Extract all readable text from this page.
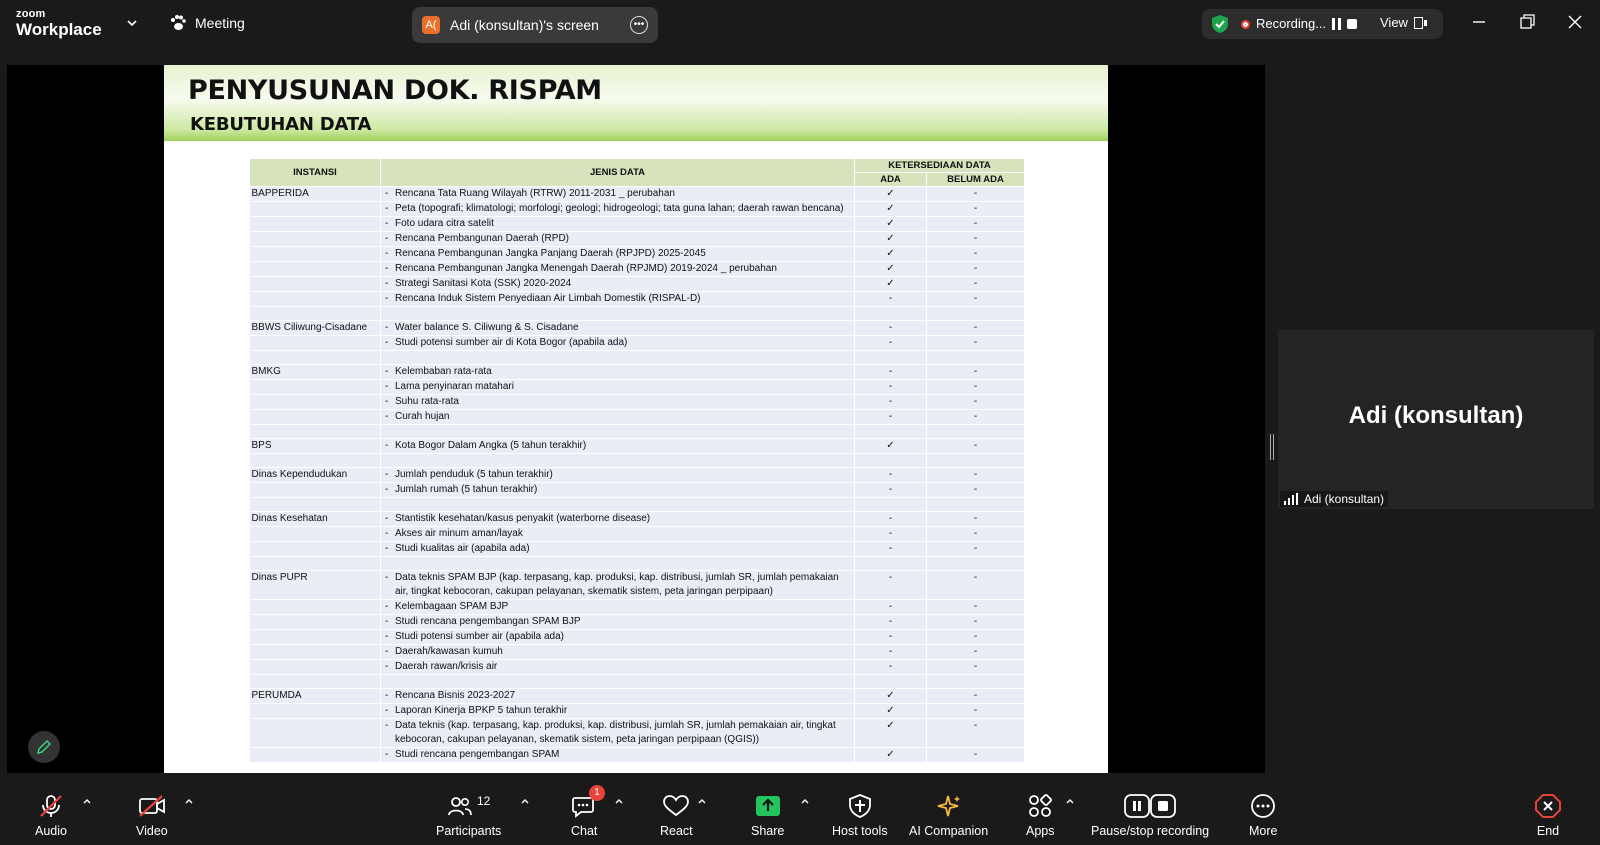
zoom
Workplace	Meeting	A( Adi (konsultan)'s screen	•••	Recording...	View
PENYUSUNAN DOK. RISPAM
KEBUTUHAN DATA
INSTANSI	JENIS DATA	KETERSEDIAAN DATA	
		ADA	BELUM ADA
BAPPERIDA	- Rencana Tata Ruang Wilayah (RTRW) 2011-2031 _ perubahan	✓	-
	- Peta (topografi; klimatologi; morfologi; geologi; hidrogeologi; tata guna lahan; daerah rawan bencana)	✓	-
	- Foto udara citra satelit	✓	-
	- Rencana Pembangunan Daerah (RPD)	✓	-
	- Rencana Pembangunan Jangka Panjang Daerah (RPJPD) 2025-2045	✓	-
	- Rencana Pembangunan Jangka Menengah Daerah (RPJMD) 2019-2024 _ perubahan	✓	-
	- Strategi Sanitasi Kota (SSK) 2020-2024	✓	-
	- Rencana Induk Sistem Penyediaan Air Limbah Domestik (RISPAL-D)	-	-

BBWS Ciliwung-Cisadane	- Water balance S. Ciliwung & S. Cisadane	-	-
	- Studi potensi sumber air di Kota Bogor (apabila ada)	-	-

BMKG	- Kelembaban rata-rata	-	-
	- Lama penyinaran matahari	-	-
	- Suhu rata-rata	-	-
	- Curah hujan	-	-

BPS	- Kota Bogor Dalam Angka (5 tahun terakhir)	✓	-

Dinas Kependudukan	- Jumlah penduduk (5 tahun terakhir)	-	-
	- Jumlah rumah (5 tahun terakhir)	-	-

Dinas Kesehatan	- Stantistik kesehatan/kasus penyakit (waterborne disease)	-	-
	- Akses air minum aman/layak	-	-
	- Studi kualitas air (apabila ada)	-	-

Dinas PUPR	- Data teknis SPAM BJP (kap. terpasang, kap. produksi, kap. distribusi, jumlah SR, jumlah pemakaian air, tingkat kebocoran, cakupan pelayanan, skematik sistem, peta jaringan perpipaan)	-	-
	- Kelembagaan SPAM BJP	-	-
	- Studi rencana pengembangan SPAM BJP	-	-
	- Studi potensi sumber air (apabila ada)	-	-
	- Daerah/kawasan kumuh	-	-
	- Daerah rawan/krisis air	-	-

PERUMDA	- Rencana Bisnis 2023-2027	✓	-
	- Laporan Kinerja BPKP 5 tahun terakhir	✓	-
	- Data teknis (kap. terpasang, kap. produksi, kap. distribusi, jumlah SR, jumlah pemakaian air, tingkat kebocoran, cakupan pelayanan, skematik sistem, peta jaringan perpipaan (QGIS))	✓	-
	- Studi rencana pengembangan SPAM	✓	-
Adi (konsultan)
Adi (konsultan)
Audio	Video
12
Participants	Chat
1
React	Share	Host tools AI Companion	Apps	Pause/stop recording	More	End
